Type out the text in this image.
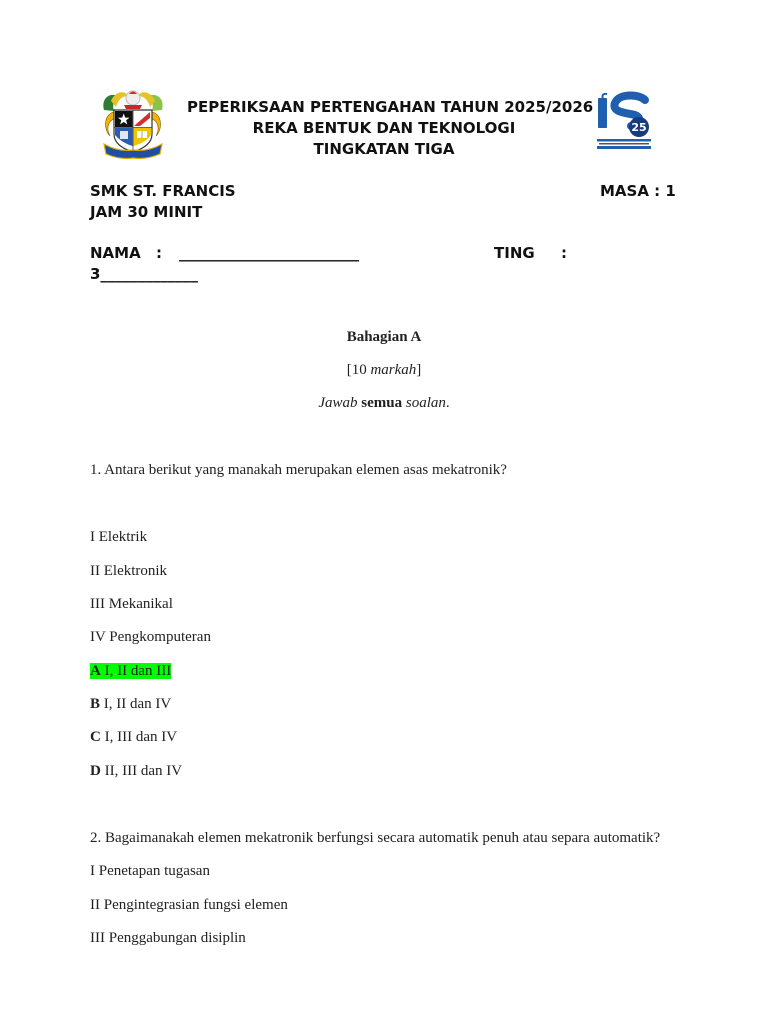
PEPERIKSAAN PERTENGAHAN TAHUN 2025/2026
REKA BENTUK DAN TEKNOLOGI
TINGKATAN TIGA
25
SMK ST. FRANCIS	MASA : 1
JAM 30 MINIT
NAMA : ________________________	TING :
3_____________
Bahagian A
[10 markah]
Jawab semua soalan.
1. Antara berikut yang manakah merupakan elemen asas mekatronik?
I Elektrik
II Elektronik
III Mekanikal
IV Pengkomputeran
A I, II dan III
B I, II dan IV
C I, III dan IV
D II, III dan IV
2. Bagaimanakah elemen mekatronik berfungsi secara automatik penuh atau separa automatik?
I Penetapan tugasan
II Pengintegrasian fungsi elemen
III Penggabungan disiplin
